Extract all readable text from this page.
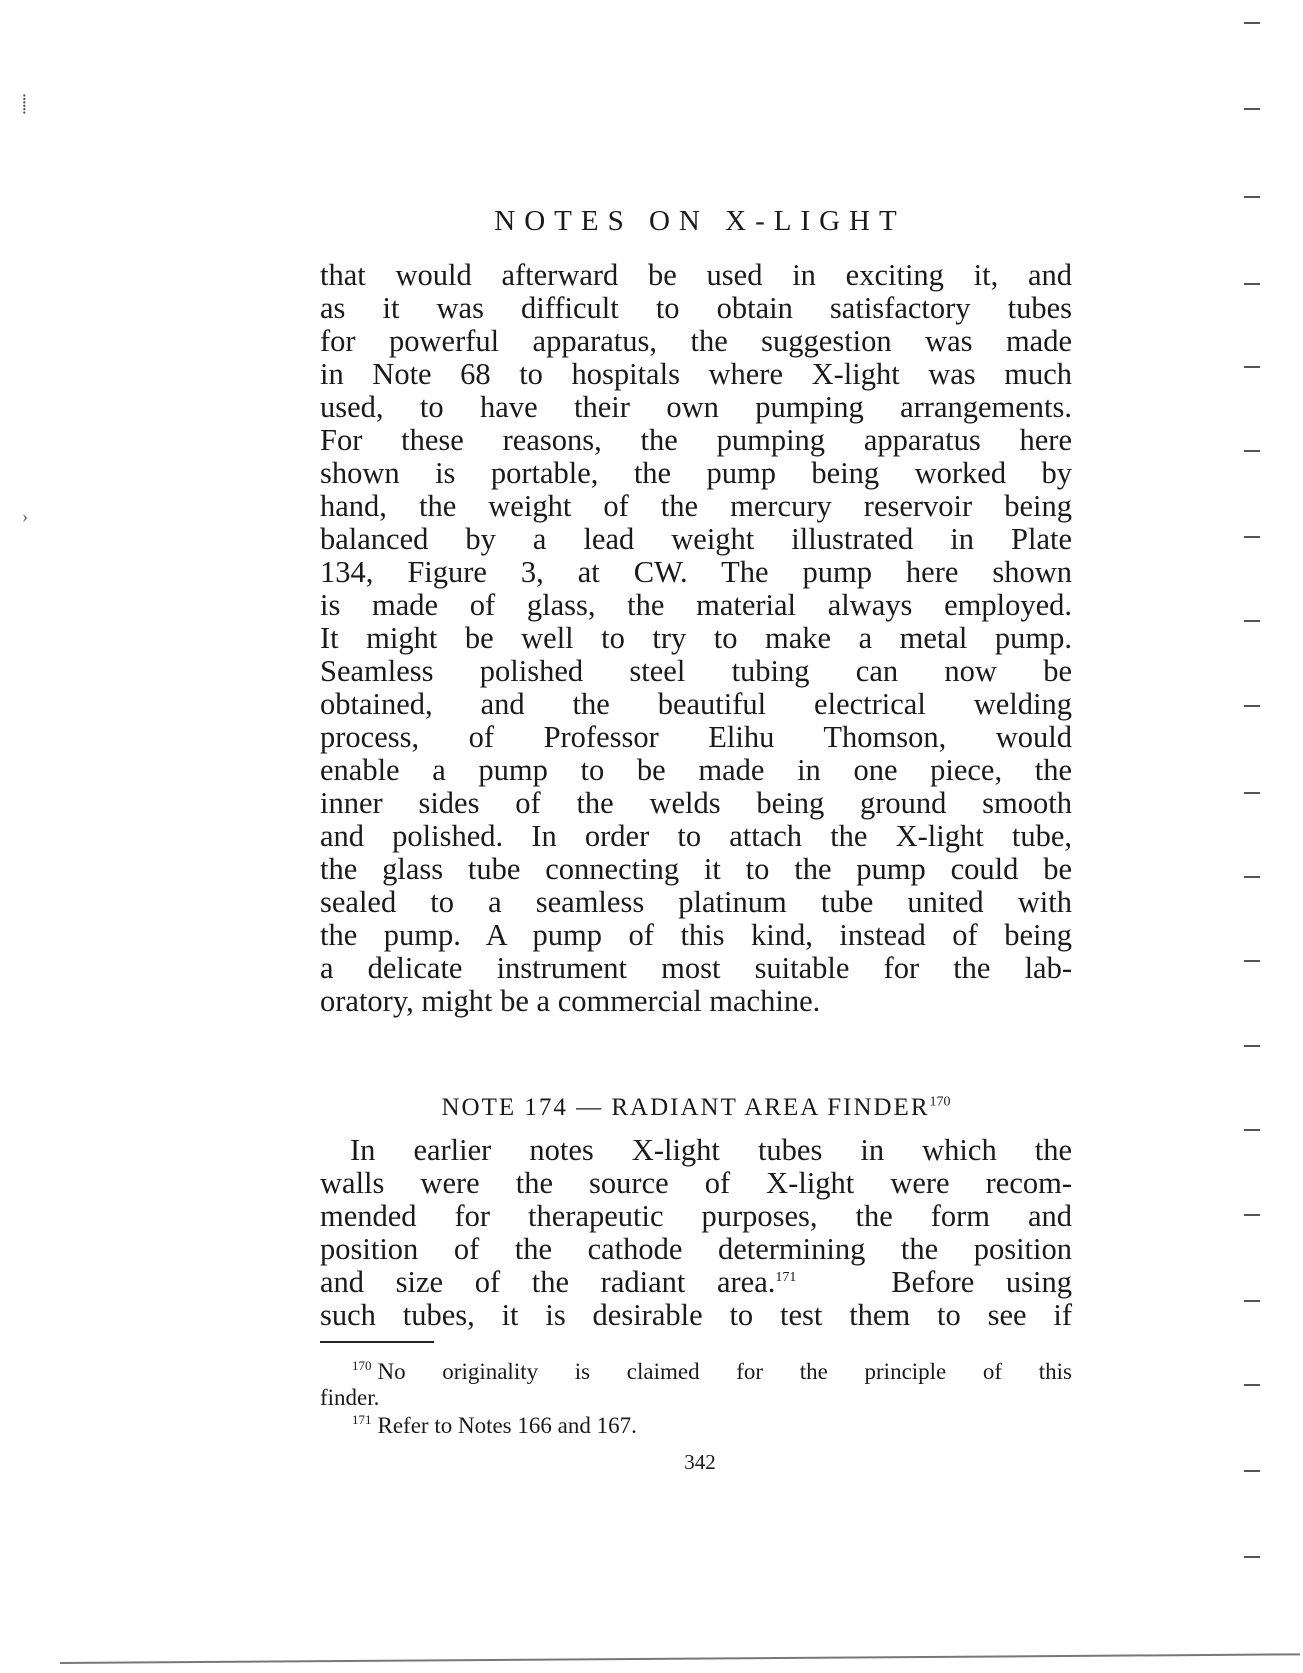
⸽
›
NOTES ON X-LIGHT
that would afterward be used in exciting it, and
as it was difficult to obtain satisfactory tubes
for powerful apparatus, the suggestion was made
in Note 68 to hospitals where X-light was much
used, to have their own pumping arrangements.
For these reasons, the pumping apparatus here
shown is portable, the pump being worked by
hand, the weight of the mercury reservoir being
balanced by a lead weight illustrated in Plate
134, Figure 3, at CW. The pump here shown
is made of glass, the material always employed.
It might be well to try to make a metal pump.
Seamless polished steel tubing can now be
obtained, and the beautiful electrical welding
process, of Professor Elihu Thomson, would
enable a pump to be made in one piece, the
inner sides of the welds being ground smooth
and polished. In order to attach the X-light tube,
the glass tube connecting it to the pump could be
sealed to a seamless platinum tube united with
the pump. A pump of this kind, instead of being
a delicate instrument most suitable for the lab-
oratory, might be a commercial machine.
NOTE 174 — RADIANT AREA FINDER$^{170}$
In earlier notes X-light tubes in which the
walls were the source of X-light were recom-
mended for therapeutic purposes, the form and
position of the cathode determining the position
and size of the radiant area.$^{171}$	Before using
such tubes, it is desirable to test them to see if
$^{170}$ No originality is claimed for the principle of this
finder.
$^{171}$ Refer to Notes 166 and 167.
342
